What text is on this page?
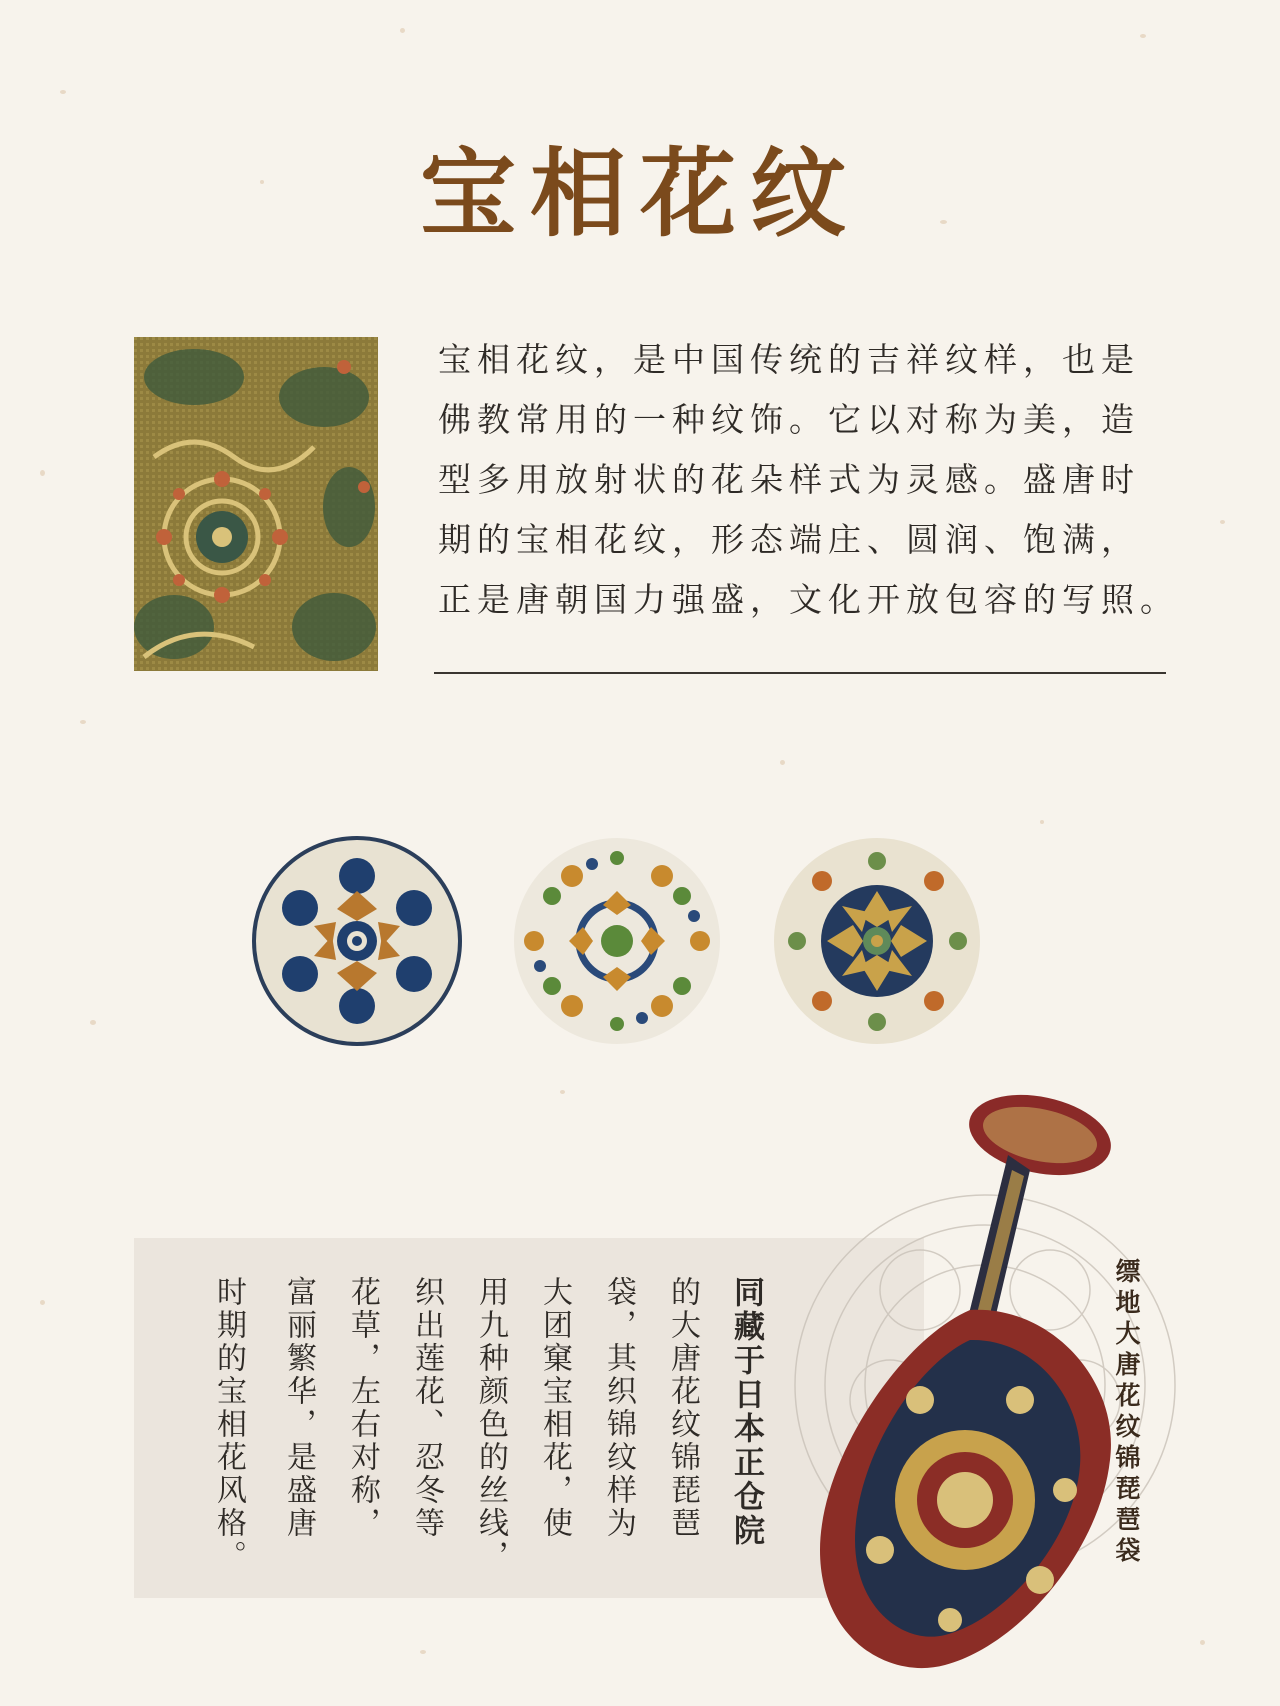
宝相花纹
宝相花纹，是中国传统的吉祥纹样，也是
佛教常用的一种纹饰。它以对称为美，造
型多用放射状的花朵样式为灵感。盛唐时
期的宝相花纹，形态端庄、圆润、饱满，
正是唐朝国力强盛，文化开放包容的写照。
同藏于日本正仓院
的大唐花纹锦琵琶
袋，其织锦纹样为
大团窠宝相花，使
用九种颜色的丝线，
织出莲花、忍冬等
花草，左右对称，
富丽繁华，是盛唐
时期的宝相花风格。	缥地大唐花纹锦琵琶袋
